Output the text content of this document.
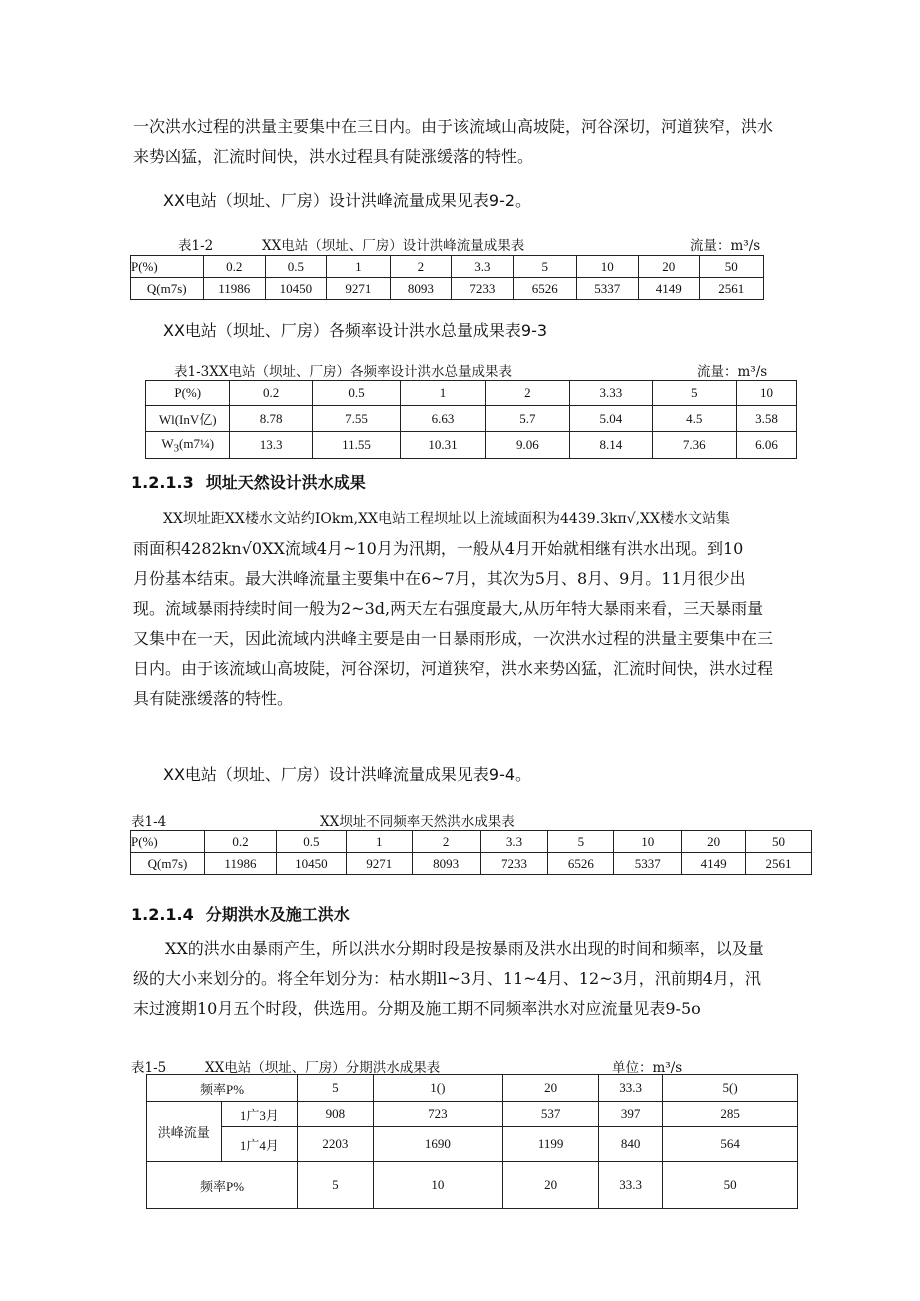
一次洪水过程的洪量主要集中在三日内。由于该流域山高坡陡，河谷深切，河道狭窄，洪水
来势凶猛，汇流时间快，洪水过程具有陡涨缓落的特性。
XX电站（坝址、厂房）设计洪峰流量成果见表9-2。
表1-2	XX电站（坝址、厂房）设计洪峰流量成果表	流量：m³/s
P(%)	0.2	0.5	1	2	3.3	5	10	20	50
Q(m7s)	11986	10450	9271	8093	7233	6526	5337	4149	2561
XX电站（坝址、厂房）各频率设计洪水总量成果表9-3
表1-3XX电站（坝址、厂房）各频率设计洪水总量成果表	流量：m³/s
P(%)	0.2	0.5	1	2	3.33	5	10
Wl(InV亿)	8.78	7.55	6.63	5.7	5.04	4.5	3.58
$W_3(m7\frac{1}{4})$	13.3	11.55	10.31	9.06	8.14	7.36	6.06
1.2.1.3 坝址天然设计洪水成果
XX坝址距XX楼水文站约IOkm,XX电站工程坝址以上流域面积为4439.3kπ√,XX楼水文站集
雨面积4282kn√0XX流域4月~10月为汛期，一般从4月开始就相继有洪水出现。到10
月份基本结束。最大洪峰流量主要集中在6~7月，其次为5月、8月、9月。11月很少出
现。流域暴雨持续时间一般为2~3d,两天左右强度最大,从历年特大暴雨来看，三天暴雨量
又集中在一天，因此流域内洪峰主要是由一日暴雨形成，一次洪水过程的洪量主要集中在三
日内。由于该流域山高坡陡，河谷深切，河道狭窄，洪水来势凶猛，汇流时间快，洪水过程
具有陡涨缓落的特性。
XX电站（坝址、厂房）设计洪峰流量成果见表9-4。
表1-4	XX坝址不同频率天然洪水成果表
P(%)	0.2	0.5	1	2	3.3	5	10	20	50
Q(m7s)	11986	10450	9271	8093	7233	6526	5337	4149	2561
1.2.1.4 分期洪水及施工洪水
XX的洪水由暴雨产生，所以洪水分期时段是按暴雨及洪水出现的时间和频率，以及量
级的大小来划分的。将全年划分为：枯水期ll~3月、11~4月、12~3月，汛前期4月，汛
末过渡期10月五个时段，供选用。分期及施工期不同频率洪水对应流量见表9-5o
表1-5	XX电站（坝址、厂房）分期洪水成果表	单位：m³/s
频率P%		5	1()	20	33.3	5()
洪峰流量	1广3月	908	723	537	397	285
	1广4月	2203	1690	1199	840	564
频率P%		5	10	20	33.3	50
